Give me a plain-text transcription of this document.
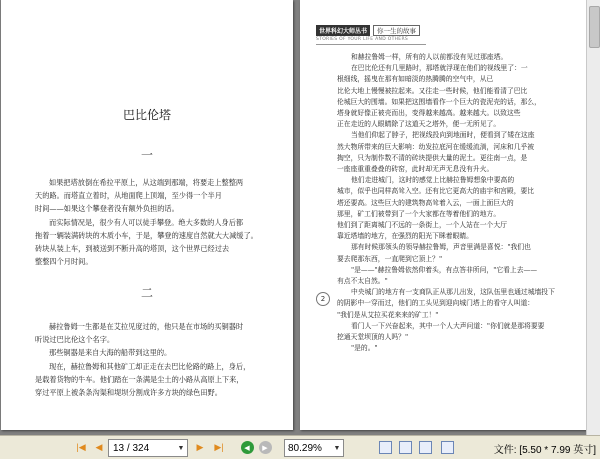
巴比伦塔
一

如果把塔放倒在希拉平原上，从这端到那端，将要走上整整两
天的路。而塔直立着时，从地面爬上顶端，至少得一个半月
时间——如果这个攀登者没有额外负担的话。
而实际情况是，很少有人可以徒手攀登。绝大多数的人身后都
拖着一辆装满砖块的木质小车，于是，攀登的速度自然就大大减缓了。
砖块从装上车，到被送到不断升高的塔顶，这个世界已经过去
整整四个月时间。

二

赫拉鲁姆一生都是在艾拉见度过的，他只是在市场的买铜器时
听说过巴比伦这个名字。
那些铜器是来自大海的船带到这里的。
现在，赫拉鲁姆和其他矿工却正走在去巴比伦路的路上，身后，
是载着货物的牛车。他们踏在一条满是尘土的小路从高原上下来，
穿过平原上被条条沟渠和堤坝分割成许多方块的绿色田野。

世界科幻大师丛书	你一生的故事
STORIES OF YOUR LIFE AND OTHERS

和赫拉鲁姆一样，所有的人以前都没有见过那座塔。
在巴比伦还有几里路时，那塔就浮现在他们的视线里了：一
根细线，摇曳在那有如暗淡的热腾腾的空气中，从已
比伦大地上慢慢被拉起来。又往走一些时候，他们能看清了巴比
伦城巨大的围墙。如果把这围墙看作一个巨大的瓷泥壳的话，那么，
塔身就好像正被壳而出，变得越来越高。越来越大。以致这些
正在走近的人眼睛除了这道天之塔外，便一无所见了。
当他们仰起了脖子，把视线投向到地面时，便看到了矮在这座
然大物所带来的巨大影响：幼发拉底河在缓缓流淌，河床和几乎被
掏空，只为制作数不清的砖块提供大量的泥土。更往南一点，是
一座座重重叠叠的砖窑，此时却无声无息没有升火。
他们走进城门，这时的感觉上比赫拉鲁姆想象中要高的
城市，似乎也同样高耸入空。还有比它更高大的庙宇和宫殿，要比
塔还要高。这些巨大的建筑物高耸着入云，一面上面巨大的
那里，矿工们被带到了一个大家都在等着他们的地方。
他们到了距离城门不远的一条街上，一个人站在一个大厅
靠近塔墙的地方，在强烈的阳光下眯着眼睛。
那有时候那领头的领导赫拉鲁姆，声音里满是喜悦："我们也
要去爬那东西，一直爬到它顶上？"
"是——"赫拉鲁姆依然仰着头，有点答非所问，"它看上去——
有点不太自然。"
中央城门的地方有一支商队正从那儿出发，这队伍里也通过城墙投下
的阴影中一穿而过，他们的工头见到迎向城门塔上的看守人叫道：
"我们是从艾拉买花来来的矿工！"
看门人一下兴奋起来，其中一个人大声问道："你们就是那将要要
挖通天堂坝顶的人吗？"
"是的。"

2
|◀ ◀	13 / 324	▼ ▶ ▶|	◀	▶	80.29%	▼	文件: [5.50 * 7.99 英寸]
